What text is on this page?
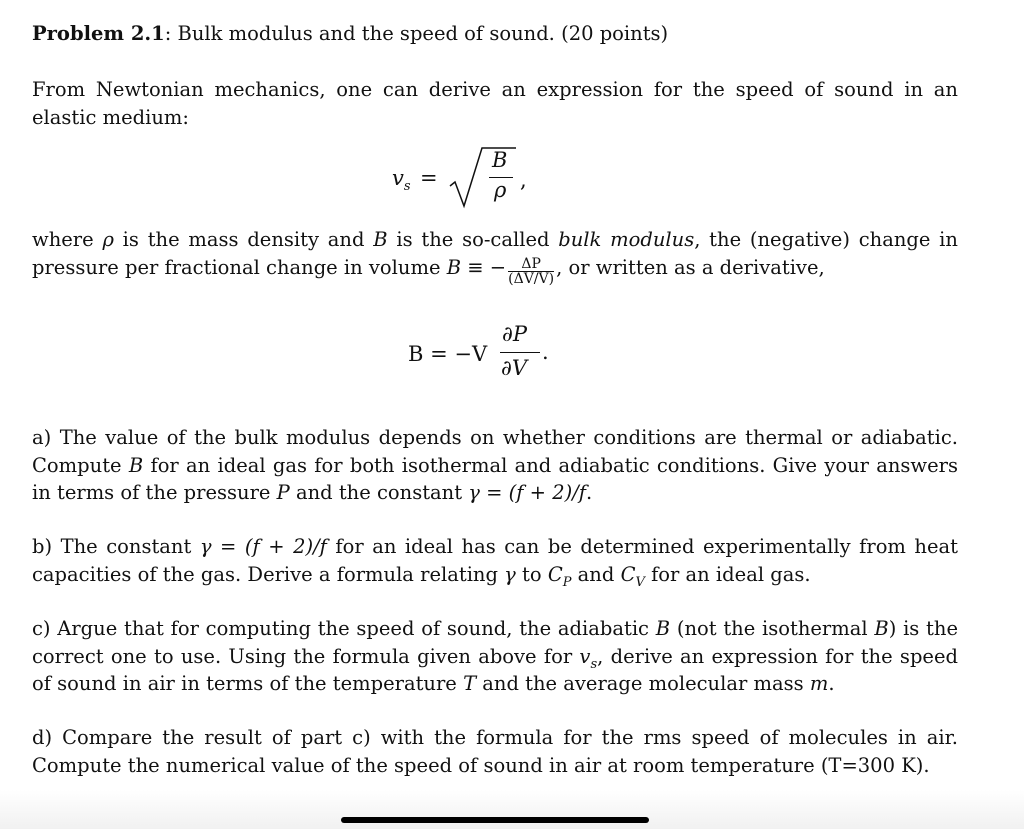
Problem 2.1: Bulk modulus and the speed of sound. (20 points)

From Newtonian mechanics, one can derive an expression for the speed of sound in an elastic medium:

$v_s$ =
B
ρ ,

where ρ is the mass density and B is the so-called bulk modulus, the (negative) change in pressure per fractional change in volume B ≡ − $\frac{\Delta P}{(\Delta V/V)}$ , or written as a derivative,

B = −V
∂P
∂V
.

a) The value of the bulk modulus depends on whether conditions are thermal or adiabatic. Compute B for an ideal gas for both isothermal and adiabatic conditions. Give your answers in terms of the pressure P and the constant γ = (f + 2)/f.

b) The constant γ = (f + 2)/f for an ideal has can be determined experimentally from heat capacities of the gas. Derive a formula relating γ to $C_P$ and $C_V$ for an ideal gas.

c) Argue that for computing the speed of sound, the adiabatic B (not the isothermal B) is the correct one to use. Using the formula given above for $v_s$, derive an expression for the speed of sound in air in terms of the temperature T and the average molecular mass m.

d) Compare the result of part c) with the formula for the rms speed of molecules in air. Compute the numerical value of the speed of sound in air at room temperature (T=300 K).
